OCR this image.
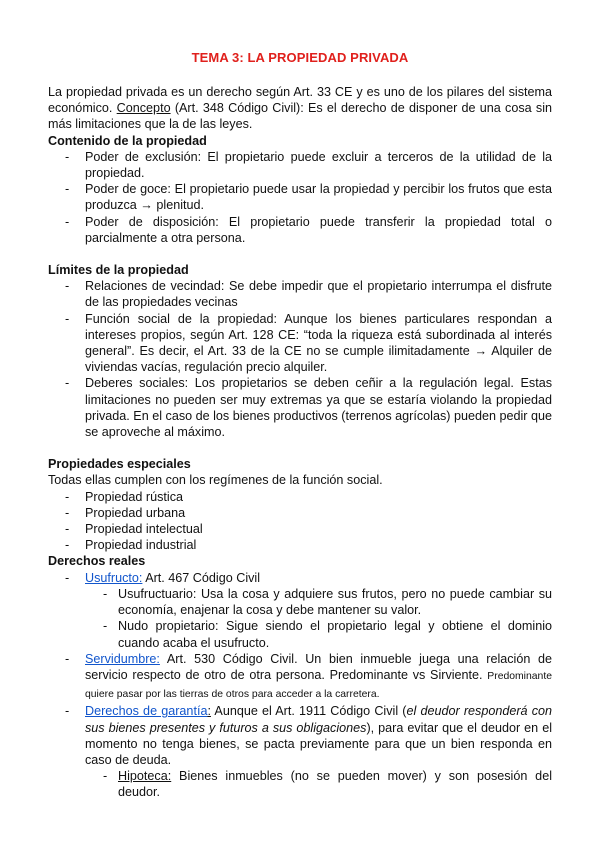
TEMA 3: LA PROPIEDAD PRIVADA

La propiedad privada es un derecho según Art. 33 CE y es uno de los pilares del sistema económico. Concepto (Art. 348 Código Civil): Es el derecho de disponer de una cosa sin más limitaciones que la de las leyes.

Contenido de la propiedad
- Poder de exclusión: El propietario puede excluir a terceros de la utilidad de la propiedad.
- Poder de goce: El propietario puede usar la propiedad y percibir los frutos que esta produzca → plenitud.
- Poder de disposición: El propietario puede transferir la propiedad total o parcialmente a otra persona.
Límites de la propiedad
- Relaciones de vecindad: Se debe impedir que el propietario interrumpa el disfrute de las propiedades vecinas
- Función social de la propiedad: Aunque los bienes particulares respondan a intereses propios, según Art. 128 CE: “toda la riqueza está subordinada al interés general”. Es decir, el Art. 33 de la CE no se cumple ilimitadamente → Alquiler de viviendas vacías, regulación precio alquiler.
- Deberes sociales: Los propietarios se deben ceñir a la regulación legal. Estas limitaciones no pueden ser muy extremas ya que se estaría violando la propiedad privada. En el caso de los bienes productivos (terrenos agrícolas) pueden pedir que se aproveche al máximo.
Propiedades especiales

Todas ellas cumplen con los regímenes de la función social.

- Propiedad rústica
- Propiedad urbana
- Propiedad intelectual
- Propiedad industrial
Derechos reales
- Usufructo: Art. 467 Código Civil
- Usufructuario: Usa la cosa y adquiere sus frutos, pero no puede cambiar su economía, enajenar la cosa y debe mantener su valor.
- Nudo propietario: Sigue siendo el propietario legal y obtiene el dominio cuando acaba el usufructo.
- Servidumbre: Art. 530 Código Civil. Un bien inmueble juega una relación de servicio respecto de otro de otra persona. Predominante vs Sirviente. Predominante quiere pasar por las tierras de otros para acceder a la carretera.
- Derechos de garantía: Aunque el Art. 1911 Código Civil (el deudor responderá con sus bienes presentes y futuros a sus obligaciones), para evitar que el deudor en el momento no tenga bienes, se pacta previamente para que un bien responda en caso de deuda.
- Hipoteca: Bienes inmuebles (no se pueden mover) y son posesión del deudor.
